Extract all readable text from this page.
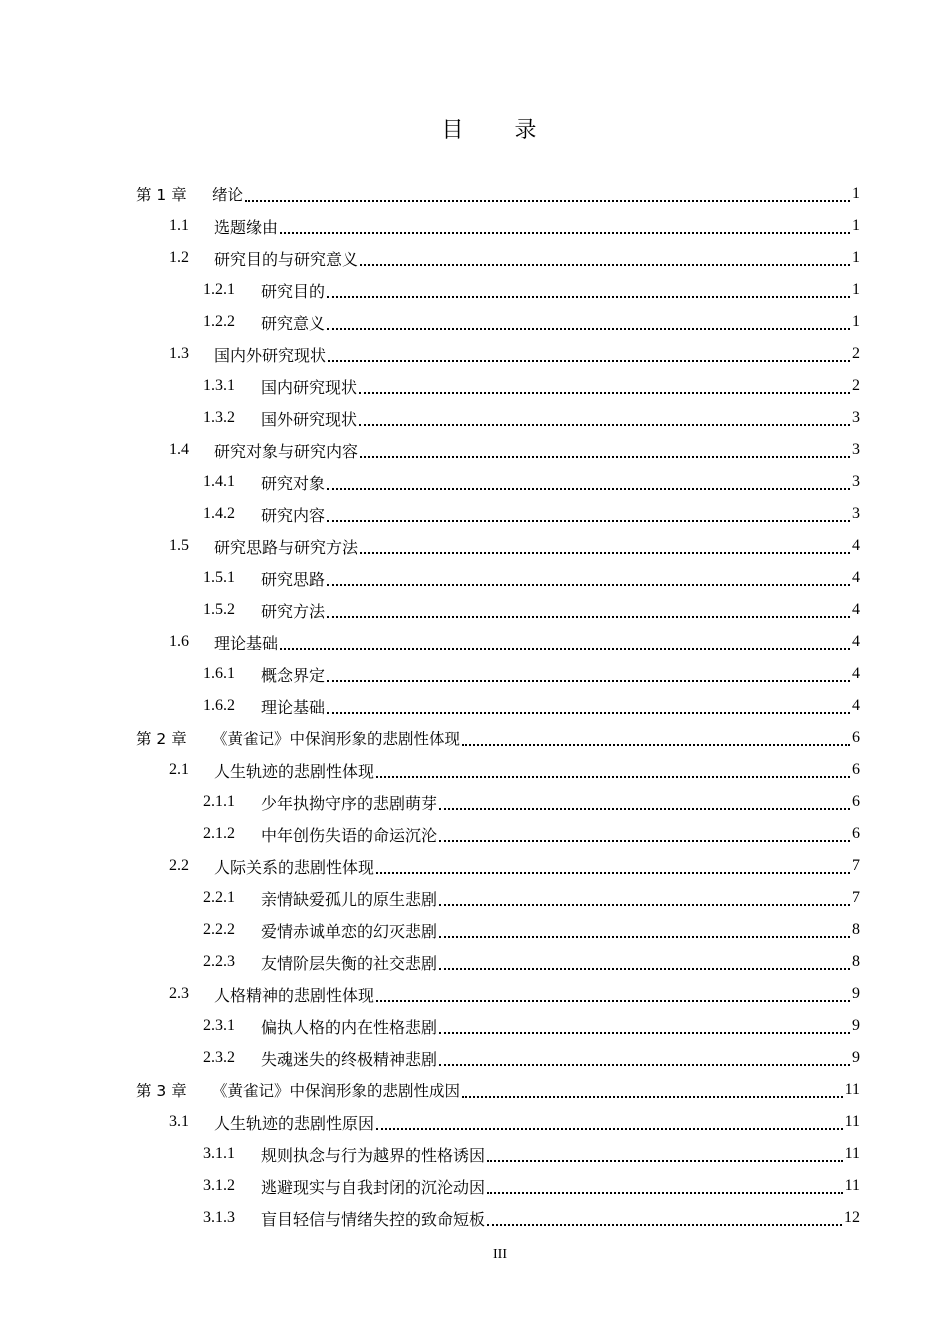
目 录
第 1 章	绪论	1
1.1	选题缘由	1
1.2	研究目的与研究意义	1
1.2.1	研究目的	1
1.2.2	研究意义	1
1.3	国内外研究现状	2
1.3.1	国内研究现状	2
1.3.2	国外研究现状	3
1.4	研究对象与研究内容	3
1.4.1	研究对象	3
1.4.2	研究内容	3
1.5	研究思路与研究方法	4
1.5.1	研究思路	4
1.5.2	研究方法	4
1.6	理论基础	4
1.6.1	概念界定	4
1.6.2	理论基础	4
第 2 章	《黄雀记》中保润形象的悲剧性体现	6
2.1	人生轨迹的悲剧性体现	6
2.1.1	少年执拗守序的悲剧萌芽	6
2.1.2	中年创伤失语的命运沉沦	6
2.2	人际关系的悲剧性体现	7
2.2.1	亲情缺爱孤儿的原生悲剧	7
2.2.2	爱情赤诚单恋的幻灭悲剧	8
2.2.3	友情阶层失衡的社交悲剧	8
2.3	人格精神的悲剧性体现	9
2.3.1	偏执人格的内在性格悲剧	9
2.3.2	失魂迷失的终极精神悲剧	9
第 3 章	《黄雀记》中保润形象的悲剧性成因	11
3.1	人生轨迹的悲剧性原因	11
3.1.1	规则执念与行为越界的性格诱因	11
3.1.2	逃避现实与自我封闭的沉沦动因	11
3.1.3	盲目轻信与情绪失控的致命短板	12
III
